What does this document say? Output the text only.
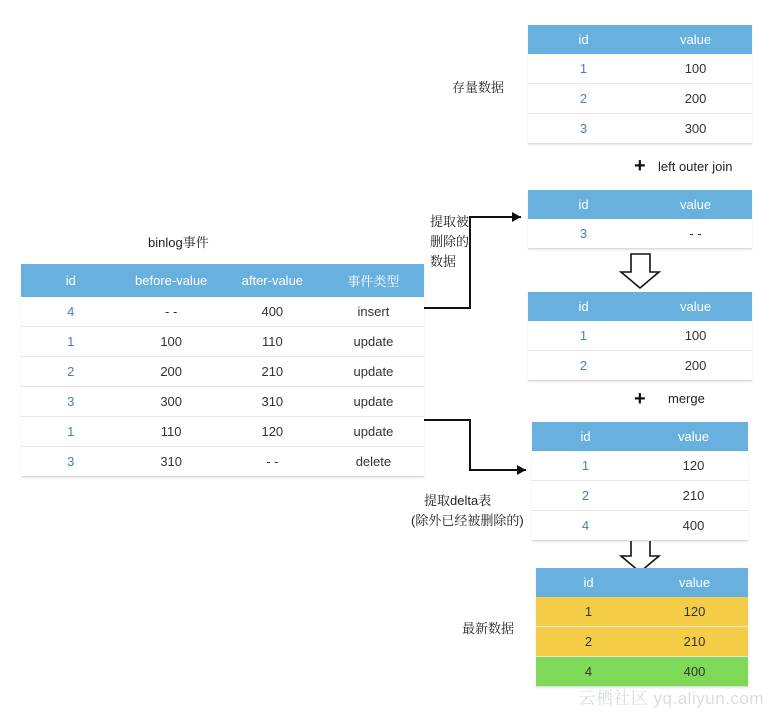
存量数据
id	value
1	100
2	200
3	300
+ left outer join
id	value
3	- -
id	value
1	100
2	200
+ merge
id	value
1	120
2	210
4	400
最新数据
id	value
1	120
2	210
4	400
binlog事件
id	before-value	after-value	事件类型
4	- -	400	insert
1	100	110	update
2	200	210	update
3	300	310	update
1	110	120	update
3	310	- -	delete
提取被
删除的
数据
提取delta表
(除外已经被删除的)
云栖社区 yq.aliyun.com
